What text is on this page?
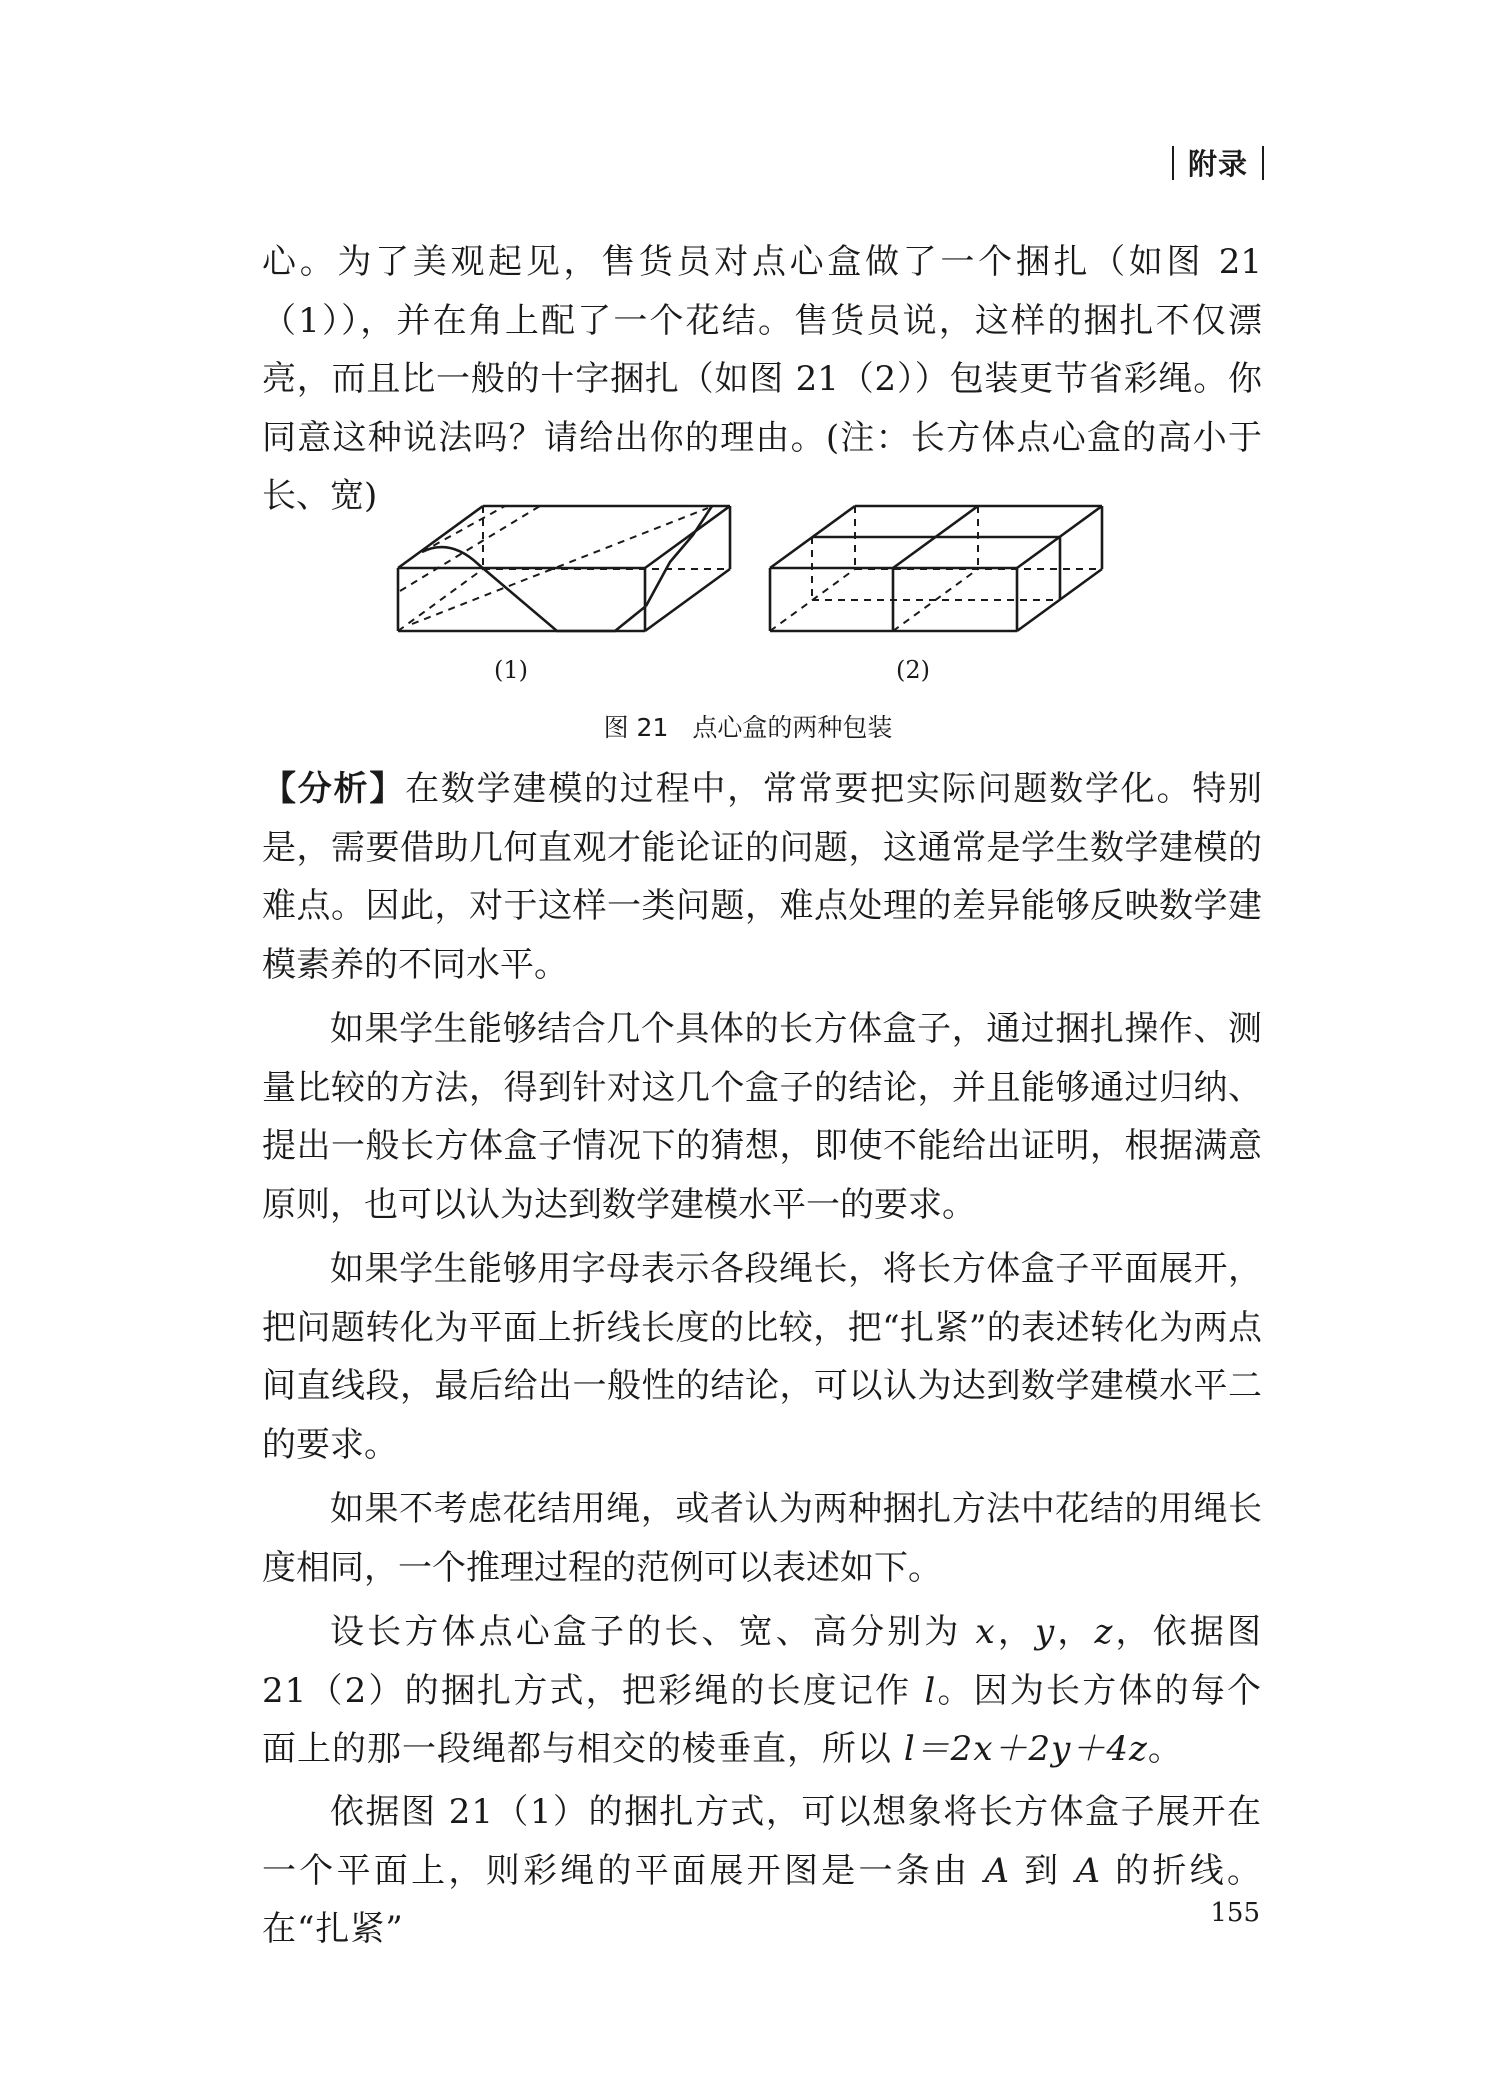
附录

心。为了美观起见，售货员对点心盒做了一个捆扎（如图 21（1）），并在角上配了一个花结。售货员说，这样的捆扎不仅漂亮，而且比一般的十字捆扎（如图 21（2））包装更节省彩绳。你同意这种说法吗？请给出你的理由。(注：长方体点心盒的高小于长、宽)

(1)	(2)
图 21 点心盒的两种包装

【分析】在数学建模的过程中，常常要把实际问题数学化。特别是，需要借助几何直观才能论证的问题，这通常是学生数学建模的难点。因此，对于这样一类问题，难点处理的差异能够反映数学建模素养的不同水平。

如果学生能够结合几个具体的长方体盒子，通过捆扎操作、测量比较的方法，得到针对这几个盒子的结论，并且能够通过归纳、提出一般长方体盒子情况下的猜想，即使不能给出证明，根据满意原则，也可以认为达到数学建模水平一的要求。

如果学生能够用字母表示各段绳长，将长方体盒子平面展开，把问题转化为平面上折线长度的比较，把“扎紧”的表述转化为两点间直线段，最后给出一般性的结论，可以认为达到数学建模水平二的要求。

如果不考虑花结用绳，或者认为两种捆扎方法中花结的用绳长度相同，一个推理过程的范例可以表述如下。

设长方体点心盒子的长、宽、高分别为 x，y，z，依据图 21（2）的捆扎方式，把彩绳的长度记作 l。因为长方体的每个面上的那一段绳都与相交的棱垂直，所以 l＝2x＋2y＋4z。

依据图 21（1）的捆扎方式，可以想象将长方体盒子展开在一个平面上，则彩绳的平面展开图是一条由 A 到 A 的折线。在“扎紧”	155
